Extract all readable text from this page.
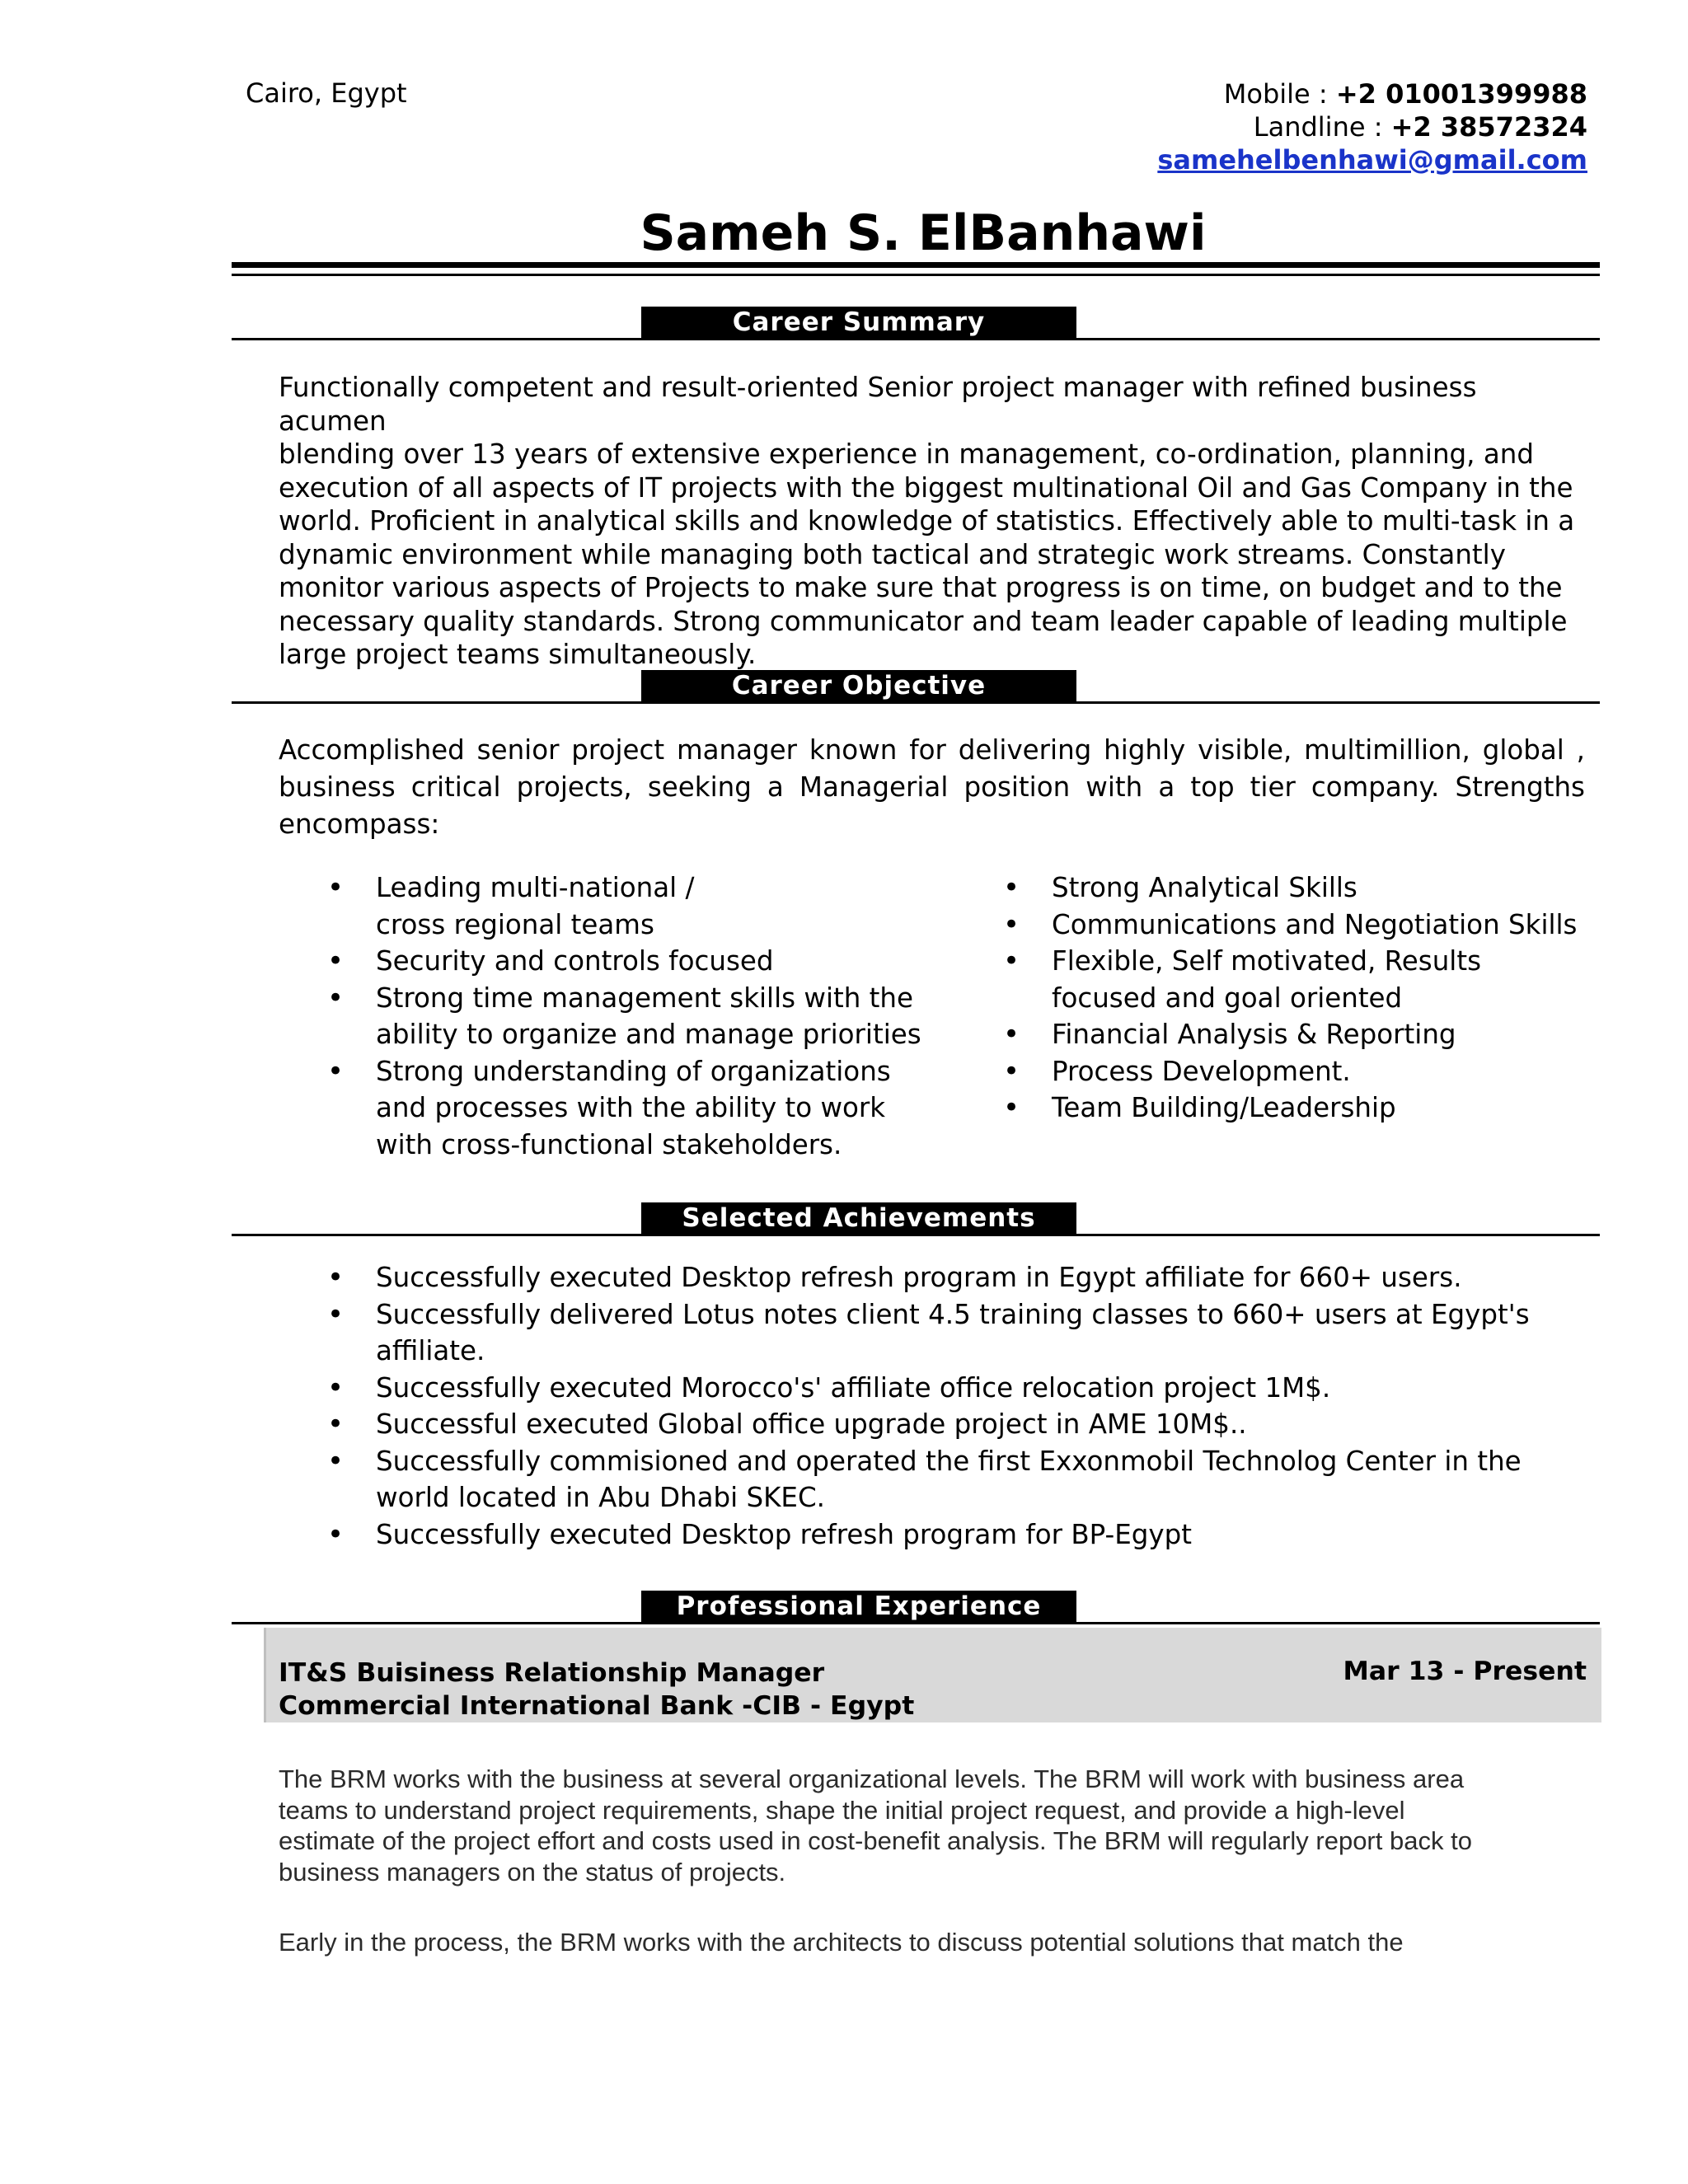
Cairo, Egypt	Mobile : +2 01001399988
Landline : +2 38572324
samehelbenhawi@gmail.com
Sameh S. ElBanhawi
Career Summary
Functionally competent and result-oriented Senior project manager with refined business acumen
blending over 13 years of extensive experience in management, co-ordination, planning, and
execution of all aspects of IT projects with the biggest multinational Oil and Gas Company in the
world. Proficient in analytical skills and knowledge of statistics. Effectively able to multi-task in a
dynamic environment while managing both tactical and strategic work streams. Constantly
monitor various aspects of Projects to make sure that progress is on time, on budget and to the
necessary quality standards. Strong communicator and team leader capable of leading multiple
large project teams simultaneously.
Career Objective
Accomplished senior project manager known for delivering highly visible, multimillion, global ,
business critical projects, seeking a Managerial position with a top tier company. Strengths
encompass:
• Leading multi-national / cross regional teams
• Security and controls focused
• Strong time management skills with the ability to organize and manage priorities
• Strong understanding of organizations and processes with the ability to work with cross-functional stakeholders.
• Strong Analytical Skills
• Communications and Negotiation Skills
• Flexible, Self motivated, Results focused and goal oriented
• Financial Analysis & Reporting
• Process Development.
• Team Building/Leadership
Selected Achievements
• Successfully executed Desktop refresh program in Egypt affiliate for 660+ users.
• Successfully delivered Lotus notes client 4.5 training classes to 660+ users at Egypt's affiliate.
• Successfully executed Morocco's' affiliate office relocation project 1M$.
• Successful executed Global office upgrade project in AME 10M$..
• Successfully commisioned and operated the first Exxonmobil Technolog Center in the world located in Abu Dhabi SKEC.
• Successfully executed Desktop refresh program for BP-Egypt
Professional Experience
IT&S Buisiness Relationship Manager
Commercial International Bank -CIB - Egypt
Mar 13 - Present
The BRM works with the business at several organizational levels. The BRM will work with business area
teams to understand project requirements, shape the initial project request, and provide a high-level
estimate of the project effort and costs used in cost-benefit analysis. The BRM will regularly report back to
business managers on the status of projects.
Early in the process, the BRM works with the architects to discuss potential solutions that match the
